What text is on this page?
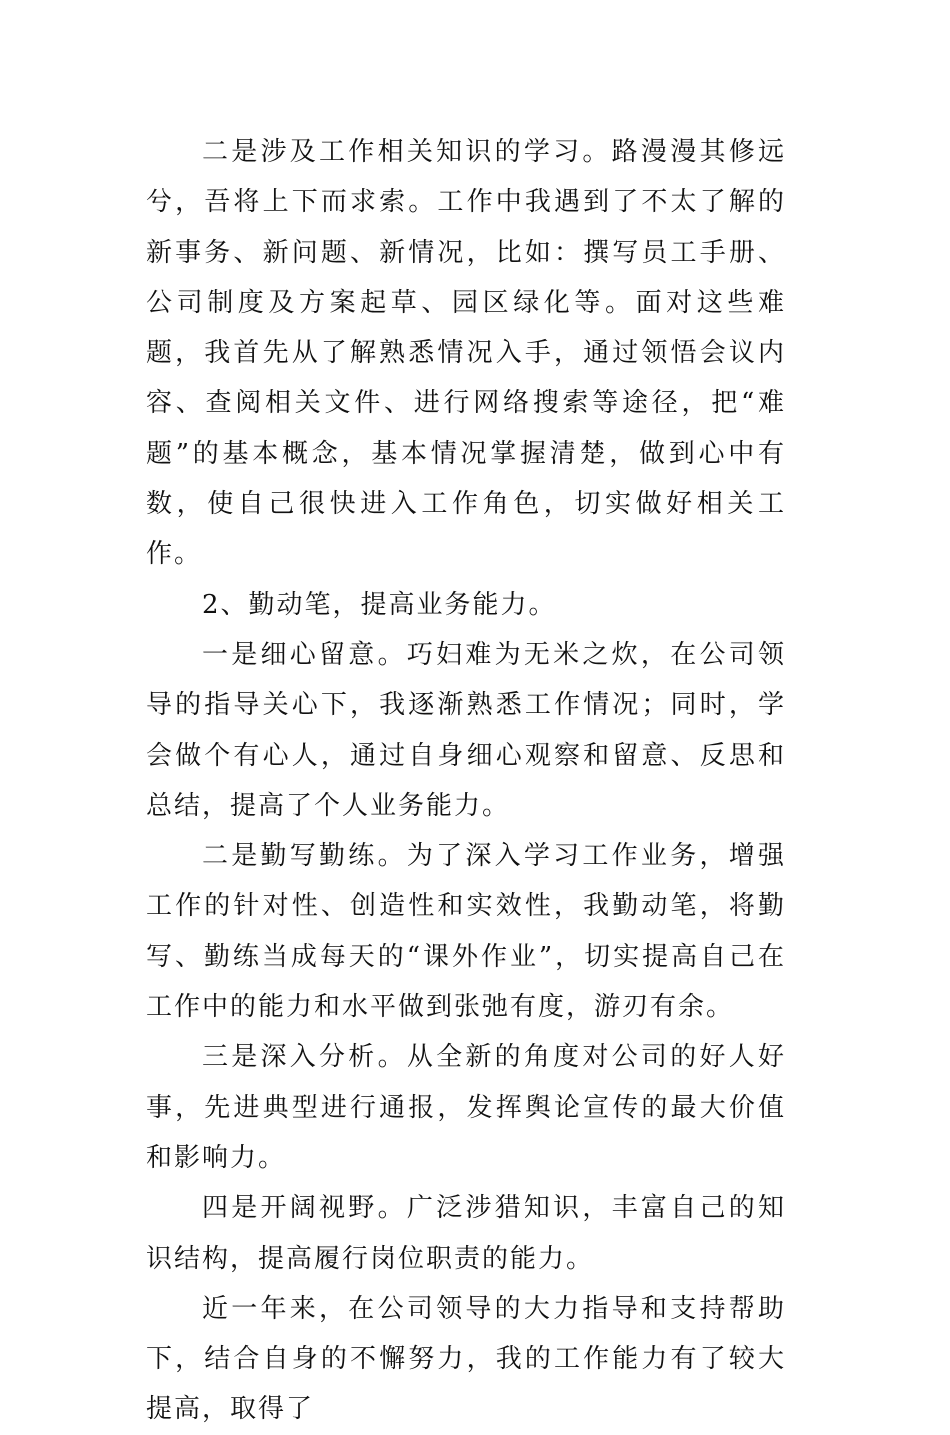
二是涉及工作相关知识的学习。路漫漫其修远兮，吾将上下而求索。工作中我遇到了不太了解的新事务、新问题、新情况，比如：撰写员工手册、公司制度及方案起草、园区绿化等。面对这些难题，我首先从了解熟悉情况入手，通过领悟会议内容、查阅相关文件、进行网络搜索等途径，把“难题”的基本概念，基本情况掌握清楚，做到心中有数，使自己很快进入工作角色，切实做好相关工作。

2、勤动笔，提高业务能力。

一是细心留意。巧妇难为无米之炊，在公司领导的指导关心下，我逐渐熟悉工作情况；同时，学会做个有心人，通过自身细心观察和留意、反思和总结，提高了个人业务能力。

二是勤写勤练。为了深入学习工作业务，增强工作的针对性、创造性和实效性，我勤动笔，将勤写、勤练当成每天的“课外作业”，切实提高自己在工作中的能力和水平做到张弛有度，游刃有余。

三是深入分析。从全新的角度对公司的好人好事，先进典型进行通报，发挥舆论宣传的最大价值和影响力。

四是开阔视野。广泛涉猎知识，丰富自己的知识结构，提高履行岗位职责的能力。

近一年来，在公司领导的大力指导和支持帮助下，结合自身的不懈努力，我的工作能力有了较大提高，取得了
